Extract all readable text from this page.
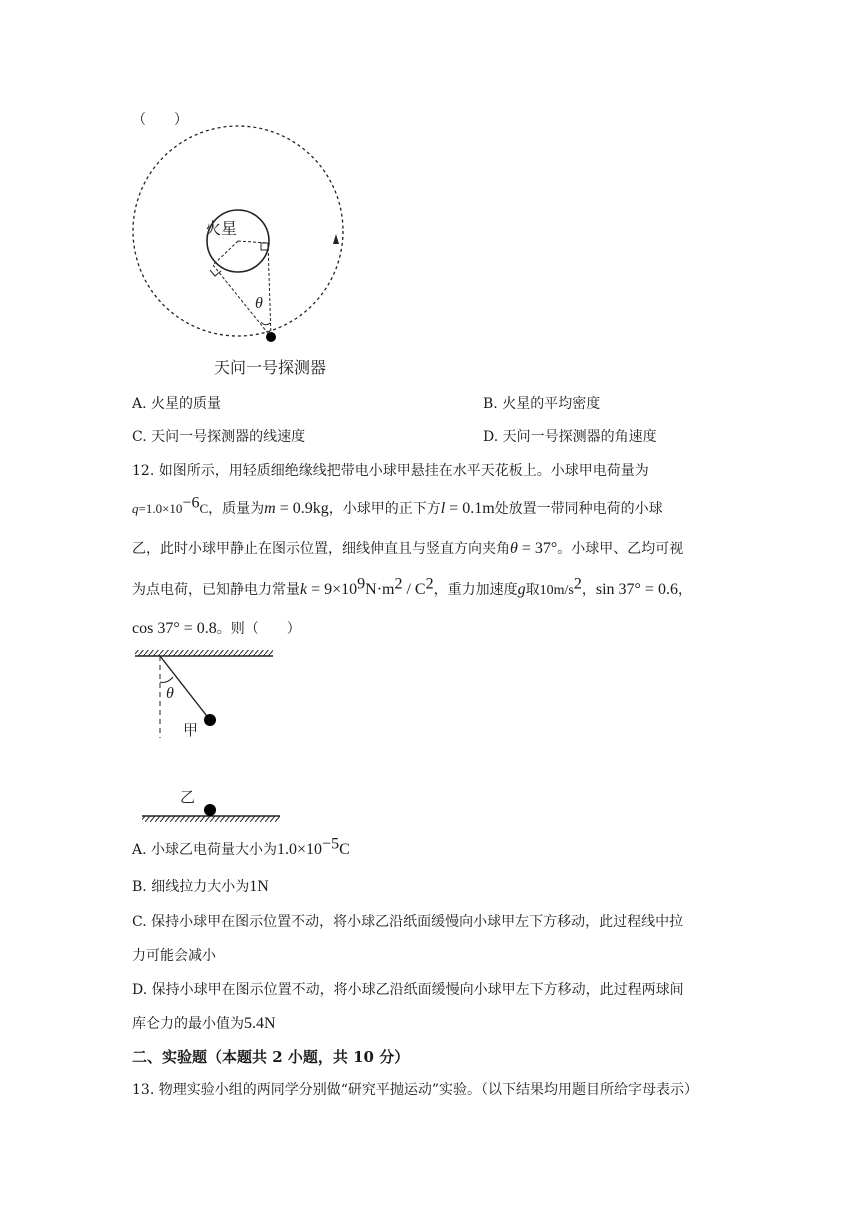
（　　）
火星
θ
天问一号探测器
A. 火星的质量	B. 火星的平均密度
C. 天问一号探测器的线速度	D. 天问一号探测器的角速度
12. 如图所示，用轻质细绝缘线把带电小球甲悬挂在水平天花板上。小球甲电荷量为
$q=1.0\times 10^{-6}C$，质量为m = 0.9kg，小球甲的正下方l = 0.1m处放置一带同种电荷的小球
乙，此时小球甲静止在图示位置，细线伸直且与竖直方向夹角θ = 37°。小球甲、乙均可视
为点电荷，已知静电力常量$k = 9\times 10^9N\cdot m^2 / C^2$，重力加速度g取$10m/s^2$，sin 37° = 0.6，
cos 37° = 0.8。则（　　）
θ
甲
乙
A. 小球乙电荷量大小为$1.0\times 10^{-5}C$
B. 细线拉力大小为1N
C. 保持小球甲在图示位置不动，将小球乙沿纸面缓慢向小球甲左下方移动，此过程线中拉
力可能会减小
D. 保持小球甲在图示位置不动，将小球乙沿纸面缓慢向小球甲左下方移动，此过程两球间
库仑力的最小值为5.4N
二、实验题（本题共 2 小题，共 10 分）
13. 物理实验小组的两同学分别做“研究平抛运动”实验。（以下结果均用题目所给字母表示）
